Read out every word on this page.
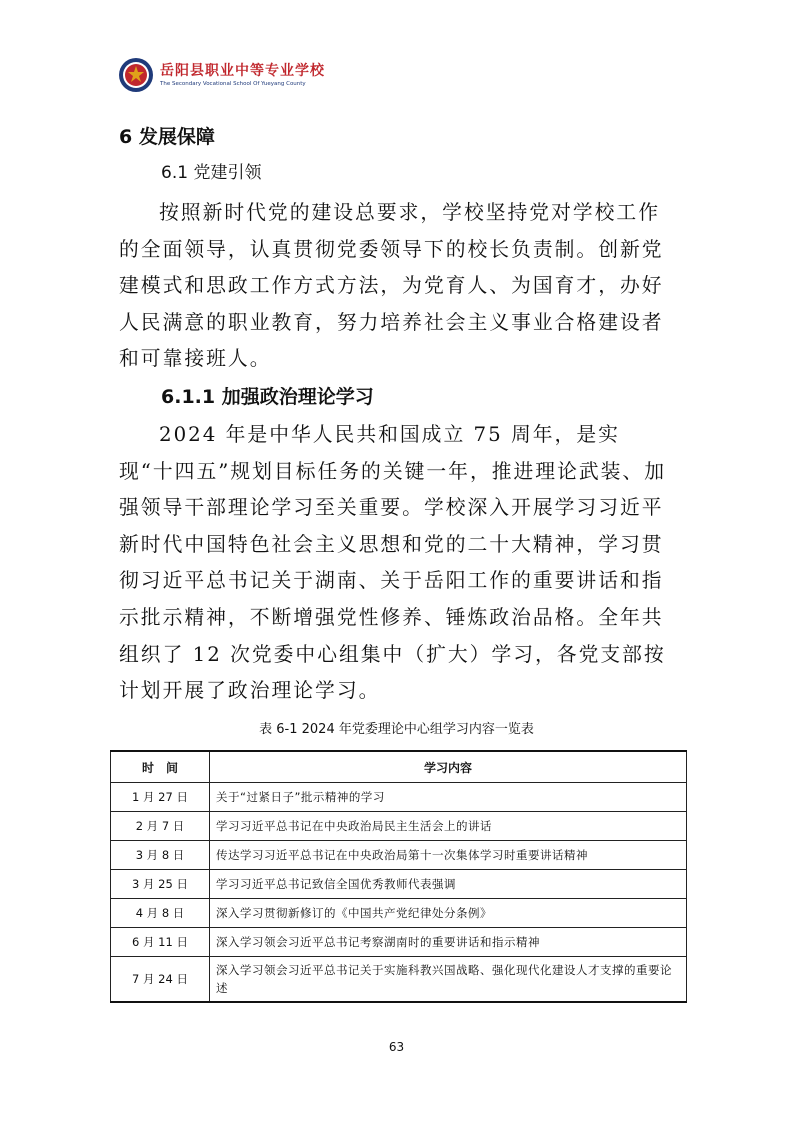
岳阳县职业中等专业学校
The Secondary Vocational School Of Yueyang County
6 发展保障
6.1 党建引领

按照新时代党的建设总要求，学校坚持党对学校工作的全面领导，认真贯彻党委领导下的校长负责制。创新党建模式和思政工作方式方法，为党育人、为国育才，办好人民满意的职业教育，努力培养社会主义事业合格建设者和可靠接班人。

6.1.1 加强政治理论学习

2024 年是中华人民共和国成立 75 周年，是实现“十四五”规划目标任务的关键一年，推进理论武装、加强领导干部理论学习至关重要。学校深入开展学习习近平新时代中国特色社会主义思想和党的二十大精神，学习贯彻习近平总书记关于湖南、关于岳阳工作的重要讲话和指示批示精神，不断增强党性修养、锤炼政治品格。全年共组织了 12 次党委中心组集中（扩大）学习，各党支部按计划开展了政治理论学习。

表 6-1 2024 年党委理论中心组学习内容一览表
时　间	学习内容
1 月 27 日	关于“过紧日子”批示精神的学习
2 月 7 日	学习习近平总书记在中央政治局民主生活会上的讲话
3 月 8 日	传达学习习近平总书记在中央政治局第十一次集体学习时重要讲话精神
3 月 25 日	学习习近平总书记致信全国优秀教师代表强调
4 月 8 日	深入学习贯彻新修订的《中国共产党纪律处分条例》
6 月 11 日	深入学习领会习近平总书记考察湖南时的重要讲话和指示精神
7 月 24 日	深入学习领会习近平总书记关于实施科教兴国战略、强化现代化建设人才支撑的重要论述
63
